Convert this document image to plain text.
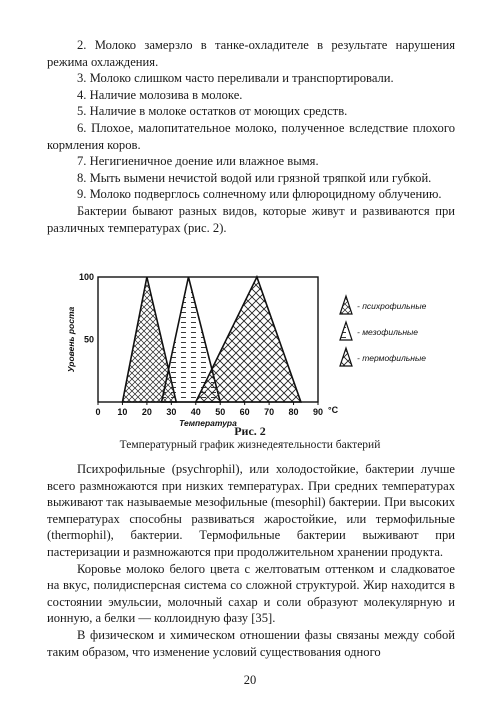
2. Молоко замерзло в танке-охладителе в результате нарушения режима охлаждения.

3. Молоко слишком часто переливали и транспортировали.

4. Наличие молозива в молоке.

5. Наличие в молоке остатков от моющих средств.

6. Плохое, малопитательное молоко, полученное вследствие плохого кормления коров.

7. Негигиеничное доение или влажное вымя.

8. Мыть вымени нечистой водой или грязной тряпкой или губкой.

9. Молоко подверглось солнечному или флюроцидному облучению.

Бактерии бывают разных видов, которые живут и развиваются при различных температурах (рис. 2).

0 10 20 30 40 50 60 70 80 90 °C
50
100
Температура
Уровень роста
- психрофильные
- мезофильные
- термофильные
Рис. 2
Температурный график жизнедеятельности бактерий

Психрофильные (psychrophil), или холодостойкие, бактерии лучше всего размножаются при низких температурах. При средних температурах выживают так называемые мезофильные (mesophil) бактерии. При высоких температурах способны развиваться жаростойкие, или термофильные (thermophil), бактерии. Термофильные бактерии выживают при пастеризации и размножаются при продолжительном хранении продукта.

Коровье молоко белого цвета с желтоватым оттенком и сладковатое на вкус, полидисперсная система со сложной структурой. Жир находится в состоянии эмульсии, молочный сахар и соли образуют молекулярную и ионную, а белки — коллоидную фазу [35].

В физическом и химическом отношении фазы связаны между собой таким образом, что изменение условий существования одного

20
